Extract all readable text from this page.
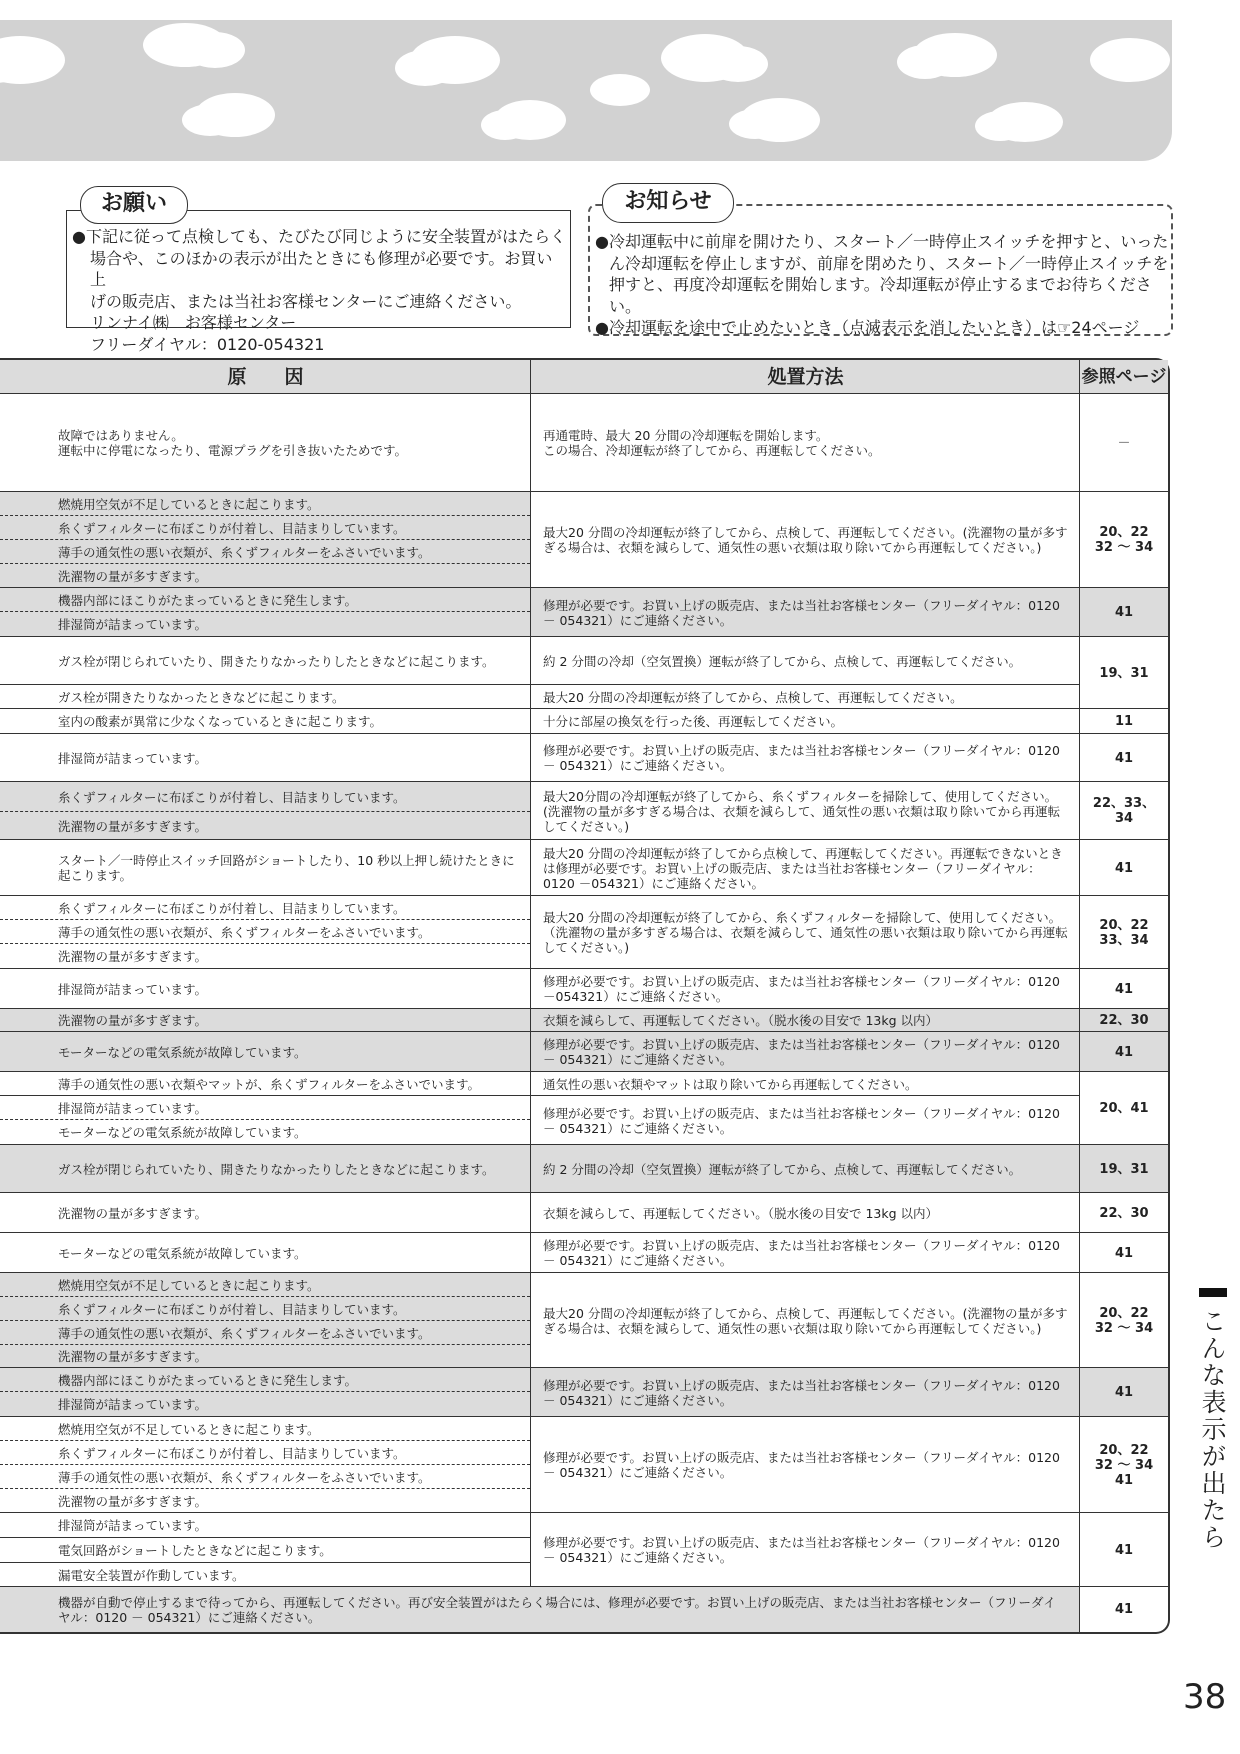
お願い
●下記に従って点検しても、たびたび同じように安全装置がはたらく

場合や、このほかの表示が出たときにも修理が必要です。お買い上
げの販売店、または当社お客様センターにご連絡ください。
リンナイ㈱　お客様センター
フリーダイヤル：0120-054321
お知らせ

●冷却運転中に前扉を開けたり、スタート／一時停止スイッチを押すと、いったん冷却運転を停止しますが、前扉を閉めたり、スタート／一時停止スイッチを押すと、再度冷却運転を開始します。冷却運転が停止するまでお待ちください。

●冷却運転を途中で止めたいとき（点滅表示を消したいとき）は☞24ページ

原　　因	処置方法	参照ページ
故障ではありません。
運転中に停電になったり、電源プラグを引き抜いたためです。
燃焼用空気が不足しているときに起こります。
糸くずフィルターに布ぼこりが付着し、目詰まりしています。
薄手の通気性の悪い衣類が、糸くずフィルターをふさいでいます。
洗濯物の量が多すぎます。
機器内部にほこりがたまっているときに発生します。
排湿筒が詰まっています。
ガス栓が閉じられていたり、開きたりなかったりしたときなどに起こります。
ガス栓が開きたりなかったときなどに起こります。
室内の酸素が異常に少なくなっているときに起こります。
排湿筒が詰まっています。
糸くずフィルターに布ぼこりが付着し、目詰まりしています。
洗濯物の量が多すぎます。
スタート／一時停止スイッチ回路がショートしたり、10 秒以上押し続けたときに起こります。
糸くずフィルターに布ぼこりが付着し、目詰まりしています。
薄手の通気性の悪い衣類が、糸くずフィルターをふさいでいます。
洗濯物の量が多すぎます。
排湿筒が詰まっています。
洗濯物の量が多すぎます。
モーターなどの電気系統が故障しています。
薄手の通気性の悪い衣類やマットが、糸くずフィルターをふさいでいます。
排湿筒が詰まっています。
モーターなどの電気系統が故障しています。
ガス栓が閉じられていたり、開きたりなかったりしたときなどに起こります。
洗濯物の量が多すぎます。
モーターなどの電気系統が故障しています。
燃焼用空気が不足しているときに起こります。
糸くずフィルターに布ぼこりが付着し、目詰まりしています。
薄手の通気性の悪い衣類が、糸くずフィルターをふさいでいます。
洗濯物の量が多すぎます。
機器内部にほこりがたまっているときに発生します。
排湿筒が詰まっています。
燃焼用空気が不足しているときに起こります。
糸くずフィルターに布ぼこりが付着し、目詰まりしています。
薄手の通気性の悪い衣類が、糸くずフィルターをふさいでいます。
洗濯物の量が多すぎます。
排湿筒が詰まっています。
電気回路がショートしたときなどに起こります。
漏電安全装置が作動しています。
機器が自動で停止するまで待ってから、再運転してください。再び安全装置がはたらく場合には、修理が必要です。お買い上げの販売店、または当社お客様センター（フリーダイヤル：0120 － 054321）にご連絡ください。
再通電時、最大 20 分間の冷却運転を開始します。
この場合、冷却運転が終了してから、再運転してください。
最大20 分間の冷却運転が終了してから、点検して、再運転してください。(洗濯物の量が多すぎる場合は、衣類を減らして、通気性の悪い衣類は取り除いてから再運転してください。)
修理が必要です。お買い上げの販売店、または当社お客様センター（フリーダイヤル：0120 － 054321）にご連絡ください。
約 2 分間の冷却（空気置換）運転が終了してから、点検して、再運転してください。
最大20 分間の冷却運転が終了してから、点検して、再運転してください。
十分に部屋の換気を行った後、再運転してください。
修理が必要です。お買い上げの販売店、または当社お客様センター（フリーダイヤル：0120 － 054321）にご連絡ください。
最大20分間の冷却運転が終了してから、糸くずフィルターを掃除して、使用してください。(洗濯物の量が多すぎる場合は、衣類を減らして、通気性の悪い衣類は取り除いてから再運転してください。)
最大20 分間の冷却運転が終了してから点検して、再運転してください。再運転できないときは修理が必要です。お買い上げの販売店、または当社お客様センター（フリーダイヤル：0120 －054321）にご連絡ください。
最大20 分間の冷却運転が終了してから、糸くずフィルターを掃除して、使用してください。（洗濯物の量が多すぎる場合は、衣類を減らして、通気性の悪い衣類は取り除いてから再運転してください。)
修理が必要です。お買い上げの販売店、または当社お客様センター（フリーダイヤル：0120 －054321）にご連絡ください。
衣類を減らして、再運転してください。（脱水後の目安で 13kg 以内）
修理が必要です。お買い上げの販売店、または当社お客様センター（フリーダイヤル：0120 － 054321）にご連絡ください。
通気性の悪い衣類やマットは取り除いてから再運転してください。
修理が必要です。お買い上げの販売店、または当社お客様センター（フリーダイヤル：0120 － 054321）にご連絡ください。
約 2 分間の冷却（空気置換）運転が終了してから、点検して、再運転してください。
衣類を減らして、再運転してください。（脱水後の目安で 13kg 以内）
修理が必要です。お買い上げの販売店、または当社お客様センター（フリーダイヤル：0120 － 054321）にご連絡ください。
最大20 分間の冷却運転が終了してから、点検して、再運転してください。(洗濯物の量が多すぎる場合は、衣類を減らして、通気性の悪い衣類は取り除いてから再運転してください。)
修理が必要です。お買い上げの販売店、または当社お客様センター（フリーダイヤル：0120 － 054321）にご連絡ください。
修理が必要です。お買い上げの販売店、または当社お客様センター（フリーダイヤル：0120 － 054321）にご連絡ください。
修理が必要です。お買い上げの販売店、または当社お客様センター（フリーダイヤル：0120 － 054321）にご連絡ください。
－
20、22
32 ～ 34
41
19、31
11
41
22、33、
34
41
20、22
33、34
41
22、30
41
20、41
19、31
22、30
41
20、22
32 ～ 34
41
20、22
32 ～ 34
41
41
41
こんな表示が出たら
38
